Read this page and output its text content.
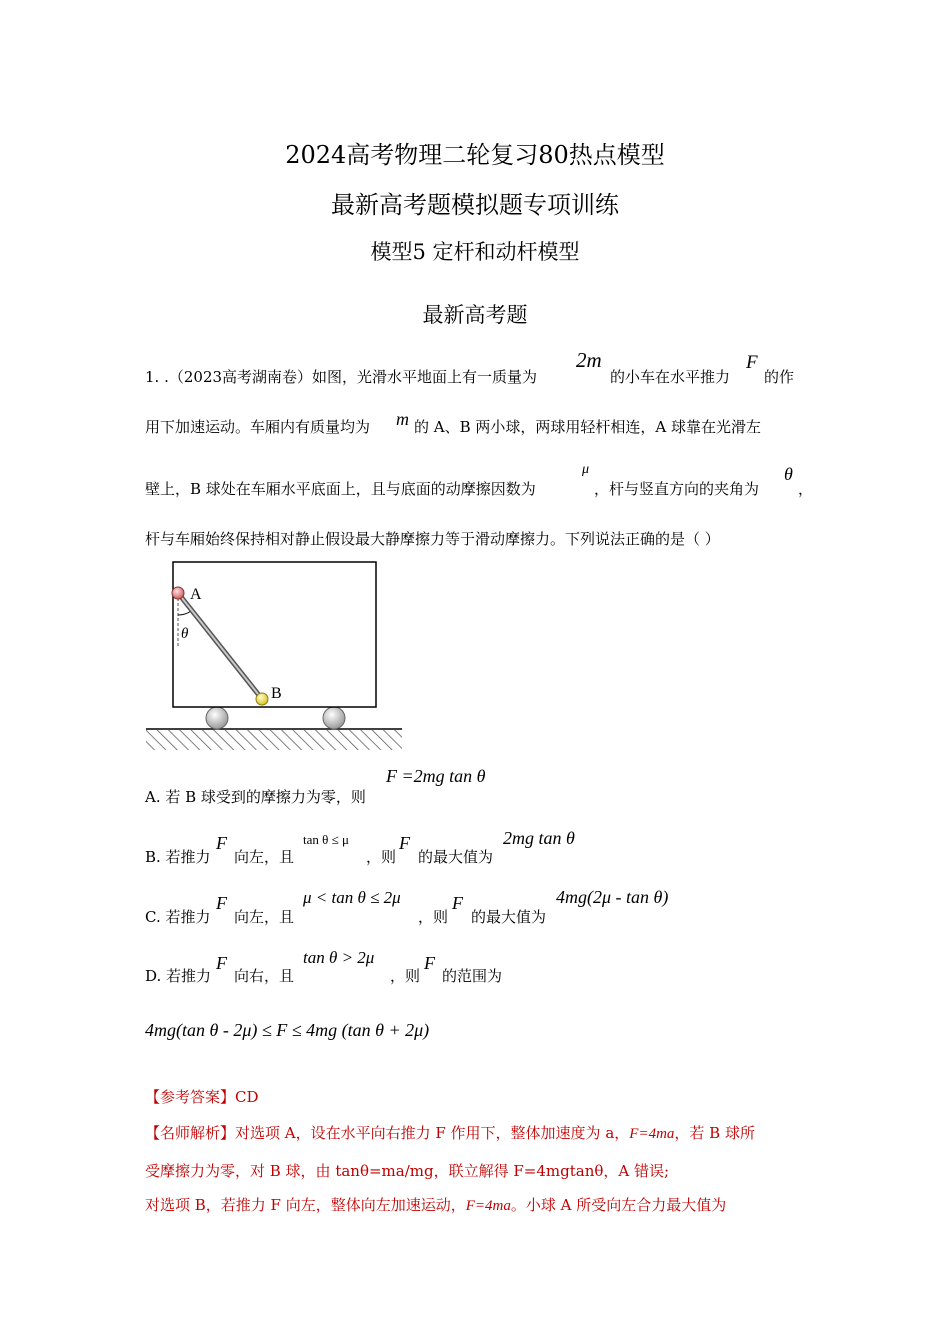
2024高考物理二轮复习80热点模型
最新高考题模拟题专项训练
模型5 定杆和动杆模型
最新高考题
1. .（2023高考湖南卷）如图，光滑水平地面上有一质量为
2m
的小车在水平推力
F
的作
用下加速运动。车厢内有质量均为 m 的 A、B 两小球，两球用轻杆相连，A 球靠在光滑左
壁上，B 球处在车厢水平底面上，且与底面的动摩擦因数为
μ
，杆与竖直方向的夹角为
θ
，
杆与车厢始终保持相对静止假设最大静摩擦力等于滑动摩擦力。下列说法正确的是（ ）
A
B
θ
A. 若 B 球受到的摩擦力为零，则
F =2mg tan θ
B. 若推力
F
向左，且
tan θ ≤ μ
，则
F
的最大值为
2mg tan θ
C. 若推力
F
向左，且
μ < tan θ ≤ 2μ
，则
F
的最大值为
4mg(2μ - tan θ)
D. 若推力
F
向右，且
tan θ > 2μ
，则
F
的范围为
4mg(tan θ - 2μ) ≤ F ≤ 4mg (tan θ + 2μ)
【参考答案】CD
【名师解析】对选项 A，设在水平向右推力 F 作用下，整体加速度为 a，F=4ma，若 B 球所
受摩擦力为零，对 B 球，由 tanθ=ma/mg，联立解得 F=4mgtanθ，A 错误;
对选项 B，若推力 F 向左，整体向左加速运动，F=4ma。小球 A 所受向左合力最大值为
